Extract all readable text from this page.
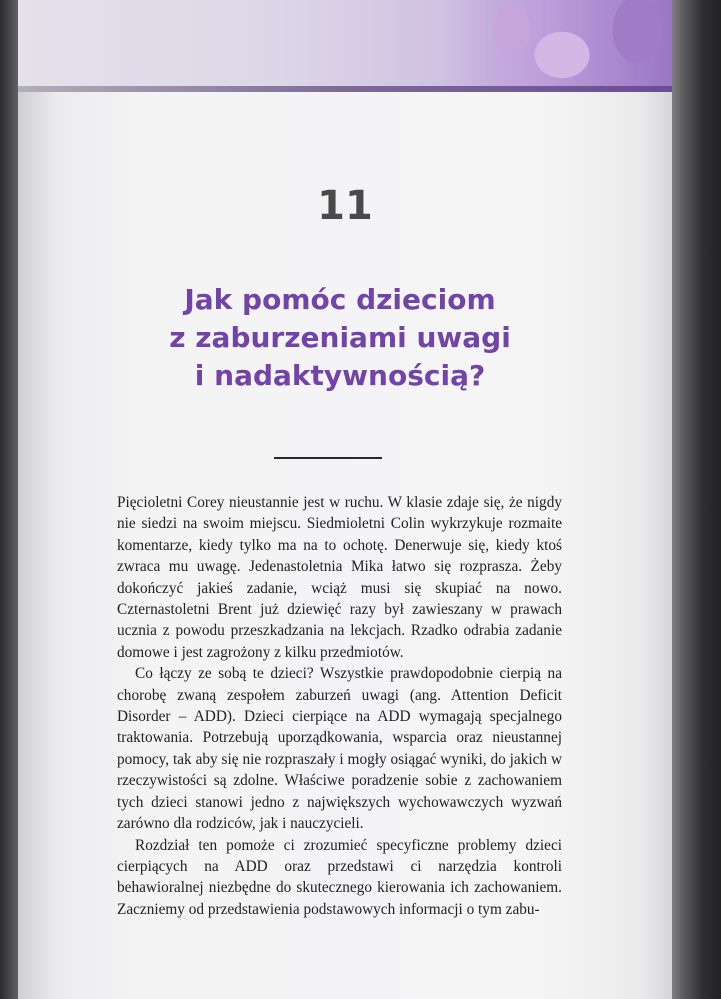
11
Jak pomóc dzieciom
z zaburzeniami uwagi
i nadaktywnością?

Pięcioletni Corey nieustannie jest w ruchu. W klasie zdaje się, że nigdy nie siedzi na swoim miejscu. Siedmioletni Colin wykrzykuje rozmaite komentarze, kiedy tylko ma na to ochotę. Denerwuje się, kiedy ktoś zwraca mu uwagę. Jedenastoletnia Mika łatwo się rozprasza. Żeby dokończyć jakieś zadanie, wciąż musi się skupiać na nowo. Czternastoletni Brent już dziewięć razy był zawieszany w prawach ucznia z powodu przeszkadzania na lekcjach. Rzadko odrabia zadanie domowe i jest zagrożony z kilku przedmiotów.

Co łączy ze sobą te dzieci? Wszystkie prawdopodobnie cierpią na chorobę zwaną zespołem zaburzeń uwagi (ang. Attention Deficit Disorder – ADD). Dzieci cierpiące na ADD wymagają specjalnego traktowania. Potrzebują uporządkowania, wsparcia oraz nieustannej pomocy, tak aby się nie rozpraszały i mogły osiągać wyniki, do jakich w rzeczywistości są zdolne. Właściwe poradzenie sobie z zachowaniem tych dzieci stanowi jedno z największych wychowawczych wyzwań zarówno dla rodziców, jak i nauczycieli.

Rozdział ten pomoże ci zrozumieć specyficzne problemy dzieci cierpiących na ADD oraz przedstawi ci narzędzia kontroli behawioralnej niezbędne do skutecznego kierowania ich zachowaniem. Zaczniemy od przedstawienia podstawowych informacji o tym zabu-
